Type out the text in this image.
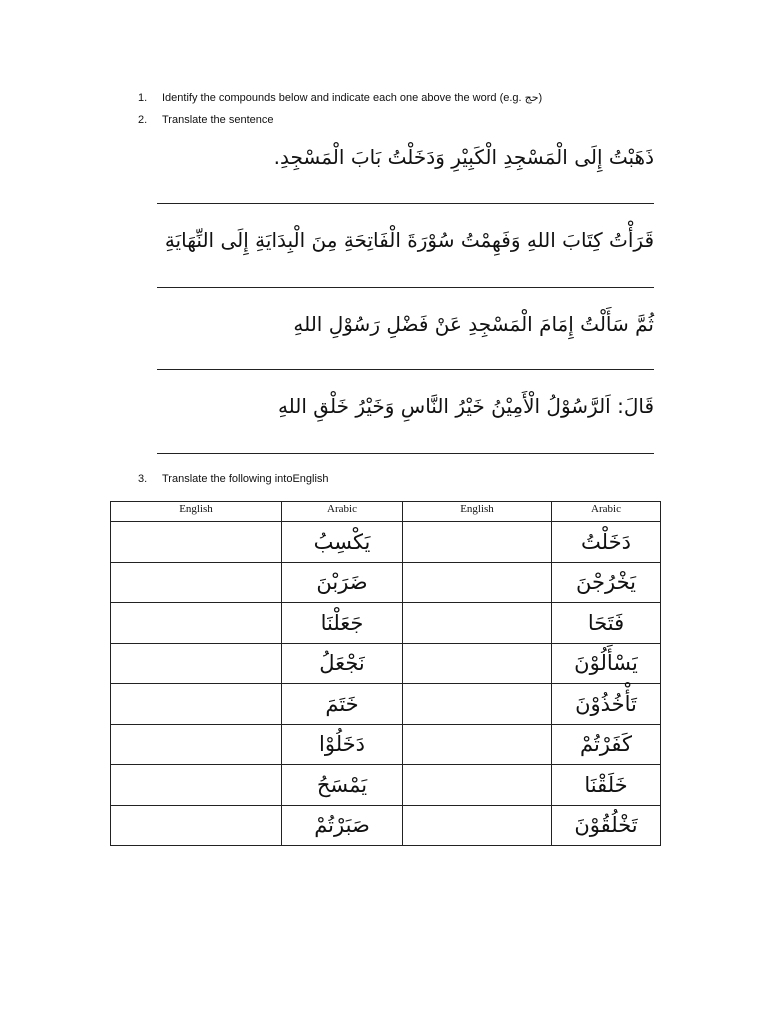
1. Identify the compounds below and indicate each one above the word (e.g. حج)
2. Translate the sentence
ذَهَبْتُ إِلَى الْمَسْجِدِ الْكَبِيْرِ وَدَخَلْتُ بَابَ الْمَسْجِدِ.
قَرَأْتُ كِتَابَ اللهِ وَفَهِمْتُ سُوْرَةَ الْفَاتِحَةِ مِنَ الْبِدَايَةِ إِلَى النِّهَايَةِ
ثُمَّ سَأَلْتُ إِمَامَ الْمَسْجِدِ عَنْ فَضْلِ رَسُوْلِ اللهِ
قَالَ: اَلرَّسُوْلُ الْأَمِيْنُ خَيْرُ النَّاسِ وَخَيْرُ خَلْقِ اللهِ
3. Translate the following intoEnglish
English	Arabic	English	Arabic
	يَكْسِبُ		دَخَلْتُ
	ضَرَبْنَ		يَخْرُجْنَ
	جَعَلْنَا		فَتَحَا
	نَجْعَلُ		يَسْأَلُوْنَ
	خَتَمَ		تَأْخُذُوْنَ
	دَخَلُوْا		كَفَرْتُمْ
	يَمْسَحُ		خَلَقْنَا
	صَبَرْتُمْ		تَخْلُقُوْنَ
